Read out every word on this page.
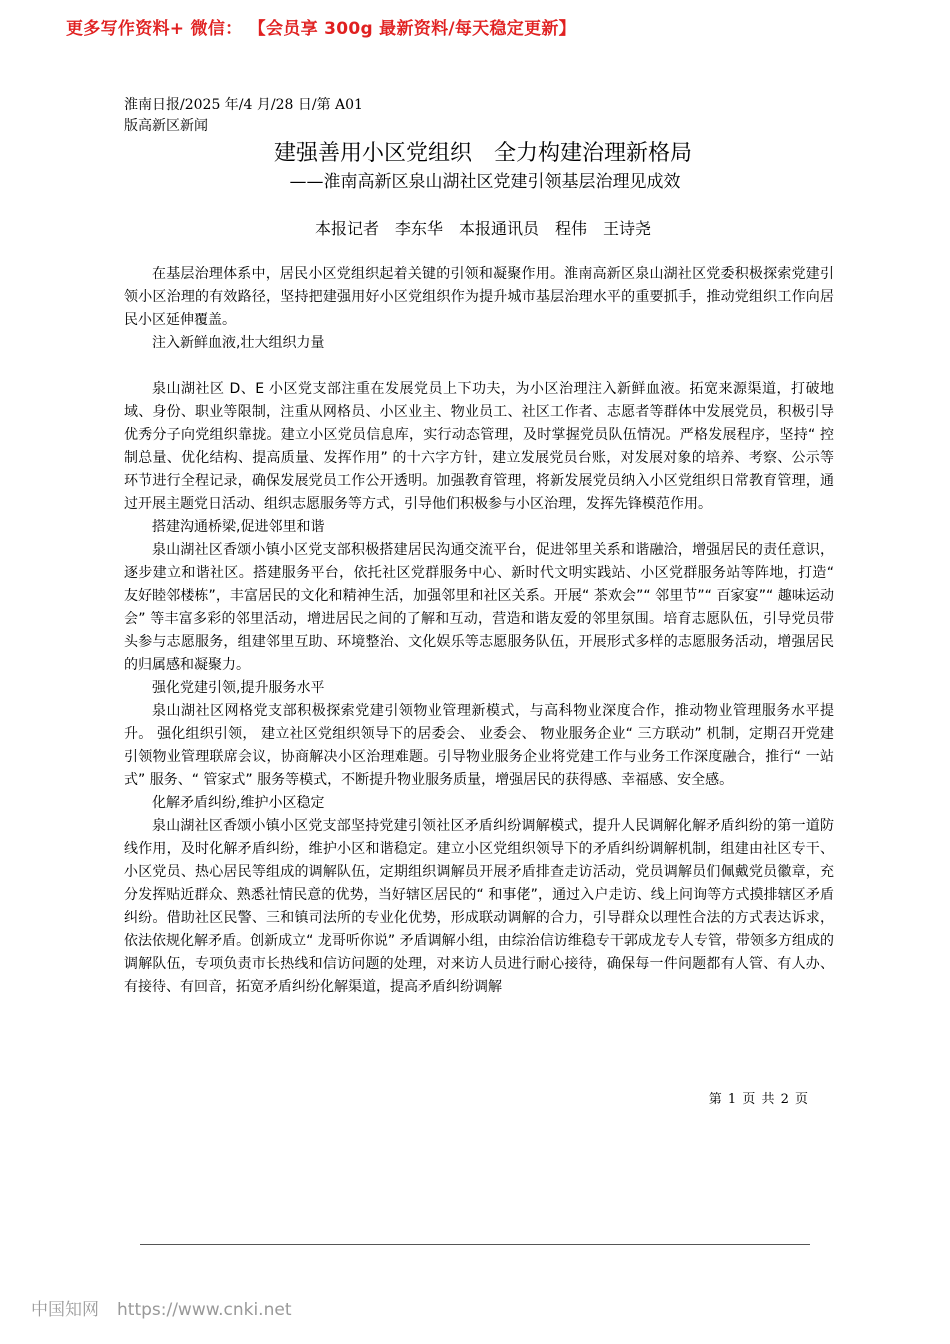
更多写作资料+ 微信： 【会员享 300g 最新资料/每天稳定更新】
淮南日报/2025 年/4 月/28 日/第 A01
版高新区新闻
建强善用小区党组织　全力构建治理新格局
——淮南高新区泉山湖社区党建引领基层治理见成效
本报记者　李东华　本报通讯员　程伟　王诗尧

在基层治理体系中，居民小区党组织起着关键的引领和凝聚作用。淮南高新区泉山湖社区党委积极探索党建引领小区治理的有效路径，坚持把建强用好小区党组织作为提升城市基层治理水平的重要抓手，推动党组织工作向居民小区延伸覆盖。

注入新鲜血液,壮大组织力量

泉山湖社区 D、E 小区党支部注重在发展党员上下功夫，为小区治理注入新鲜血液。拓宽来源渠道，打破地域、身份、职业等限制，注重从网格员、小区业主、物业员工、社区工作者、志愿者等群体中发展党员，积极引导优秀分子向党组织靠拢。建立小区党员信息库，实行动态管理，及时掌握党员队伍情况。严格发展程序，坚持“ 控制总量、优化结构、提高质量、发挥作用” 的十六字方针，建立发展党员台账，对发展对象的培养、考察、公示等环节进行全程记录，确保发展党员工作公开透明。加强教育管理，将新发展党员纳入小区党组织日常教育管理，通过开展主题党日活动、组织志愿服务等方式，引导他们积极参与小区治理，发挥先锋模范作用。

搭建沟通桥梁,促进邻里和谐

泉山湖社区香颂小镇小区党支部积极搭建居民沟通交流平台，促进邻里关系和谐融洽，增强居民的责任意识，逐步建立和谐社区。搭建服务平台，依托社区党群服务中心、新时代文明实践站、小区党群服务站等阵地，打造“ 友好睦邻楼栋”，丰富居民的文化和精神生活，加强邻里和社区关系。开展“ 茶欢会”“ 邻里节”“ 百家宴”“ 趣味运动会” 等丰富多彩的邻里活动，增进居民之间的了解和互动，营造和谐友爱的邻里氛围。培育志愿队伍，引导党员带头参与志愿服务，组建邻里互助、环境整治、文化娱乐等志愿服务队伍，开展形式多样的志愿服务活动，增强居民的归属感和凝聚力。

强化党建引领,提升服务水平

泉山湖社区网格党支部积极探索党建引领物业管理新模式，与高科物业深度合作，推动物业管理服务水平提升。 强化组织引领， 建立社区党组织领导下的居委会、 业委会、 物业服务企业“ 三方联动” 机制，定期召开党建引领物业管理联席会议，协商解决小区治理难题。引导物业服务企业将党建工作与业务工作深度融合，推行“ 一站式” 服务、“ 管家式” 服务等模式，不断提升物业服务质量，增强居民的获得感、幸福感、安全感。

化解矛盾纠纷,维护小区稳定

泉山湖社区香颂小镇小区党支部坚持党建引领社区矛盾纠纷调解模式，提升人民调解化解矛盾纠纷的第一道防线作用，及时化解矛盾纠纷，维护小区和谐稳定。建立小区党组织领导下的矛盾纠纷调解机制，组建由社区专干、小区党员、热心居民等组成的调解队伍，定期组织调解员开展矛盾排查走访活动，党员调解员们佩戴党员徽章，充分发挥贴近群众、熟悉社情民意的优势，当好辖区居民的“ 和事佬”，通过入户走访、线上问询等方式摸排辖区矛盾纠纷。借助社区民警、三和镇司法所的专业化优势，形成联动调解的合力，引导群众以理性合法的方式表达诉求，依法依规化解矛盾。创新成立“ 龙哥听你说” 矛盾调解小组，由综治信访维稳专干郭成龙专人专管，带领多方组成的调解队伍，专项负责市长热线和信访问题的处理，对来访人员进行耐心接待，确保每一件问题都有人管、有人办、有接待、有回音，拓宽矛盾纠纷化解渠道，提高矛盾纠纷调解

第 1 页 共 2 页
中国知网 https://www.cnki.net
